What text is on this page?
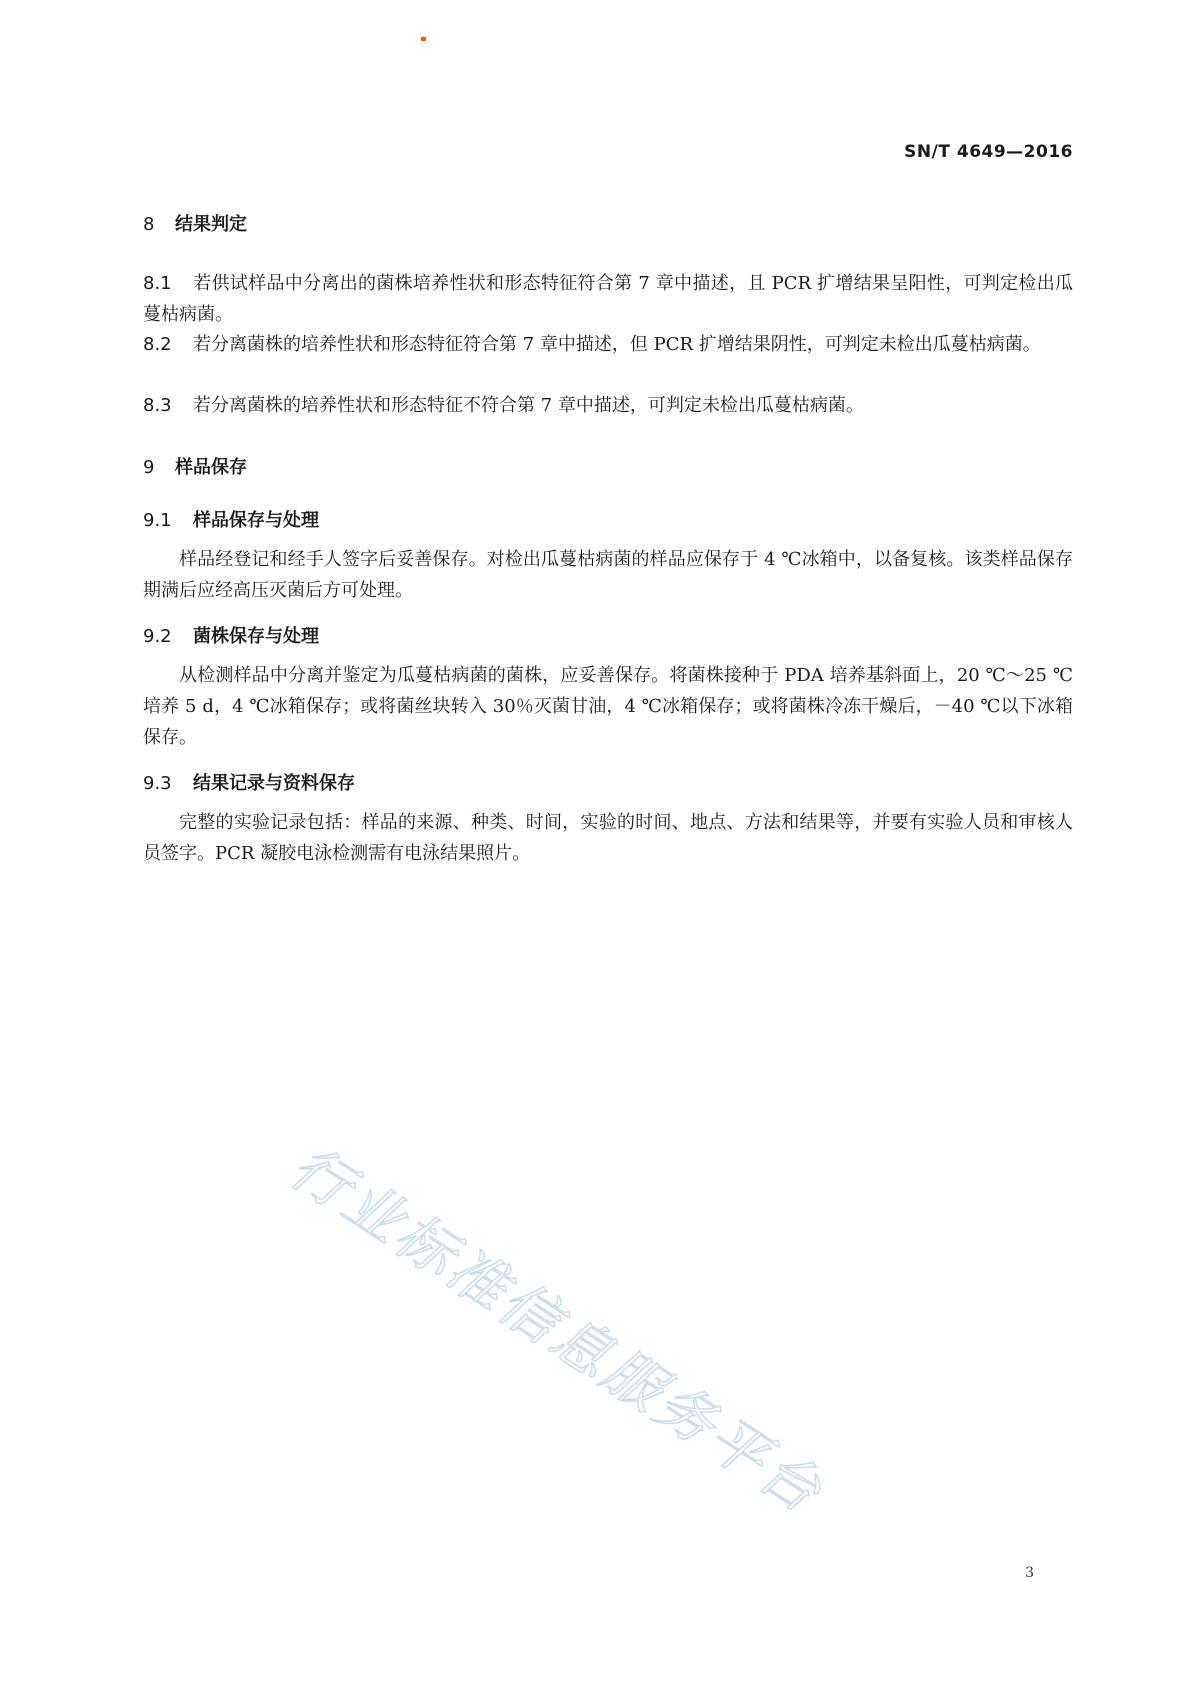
SN/T 4649—2016

8 结果判定

8.1 若供试样品中分离出的菌株培养性状和形态特征符合第 7 章中描述，且 PCR 扩增结果呈阳性，可判定检出瓜蔓枯病菌。

8.2 若分离菌株的培养性状和形态特征符合第 7 章中描述，但 PCR 扩增结果阴性，可判定未检出瓜蔓枯病菌。

8.3 若分离菌株的培养性状和形态特征不符合第 7 章中描述，可判定未检出瓜蔓枯病菌。

9 样品保存

9.1 样品保存与处理

样品经登记和经手人签字后妥善保存。对检出瓜蔓枯病菌的样品应保存于 4 ℃冰箱中，以备复核。该类样品保存期满后应经高压灭菌后方可处理。

9.2 菌株保存与处理

从检测样品中分离并鉴定为瓜蔓枯病菌的菌株，应妥善保存。将菌株接种于 PDA 培养基斜面上，20 ℃～25 ℃培养 5 d，4 ℃冰箱保存；或将菌丝块转入 30％灭菌甘油，4 ℃冰箱保存；或将菌株冷冻干燥后，－40 ℃以下冰箱保存。

9.3 结果记录与资料保存

完整的实验记录包括：样品的来源、种类、时间，实验的时间、地点、方法和结果等，并要有实验人员和审核人员签字。PCR 凝胶电泳检测需有电泳结果照片。

行业标准信息服务平台
3
